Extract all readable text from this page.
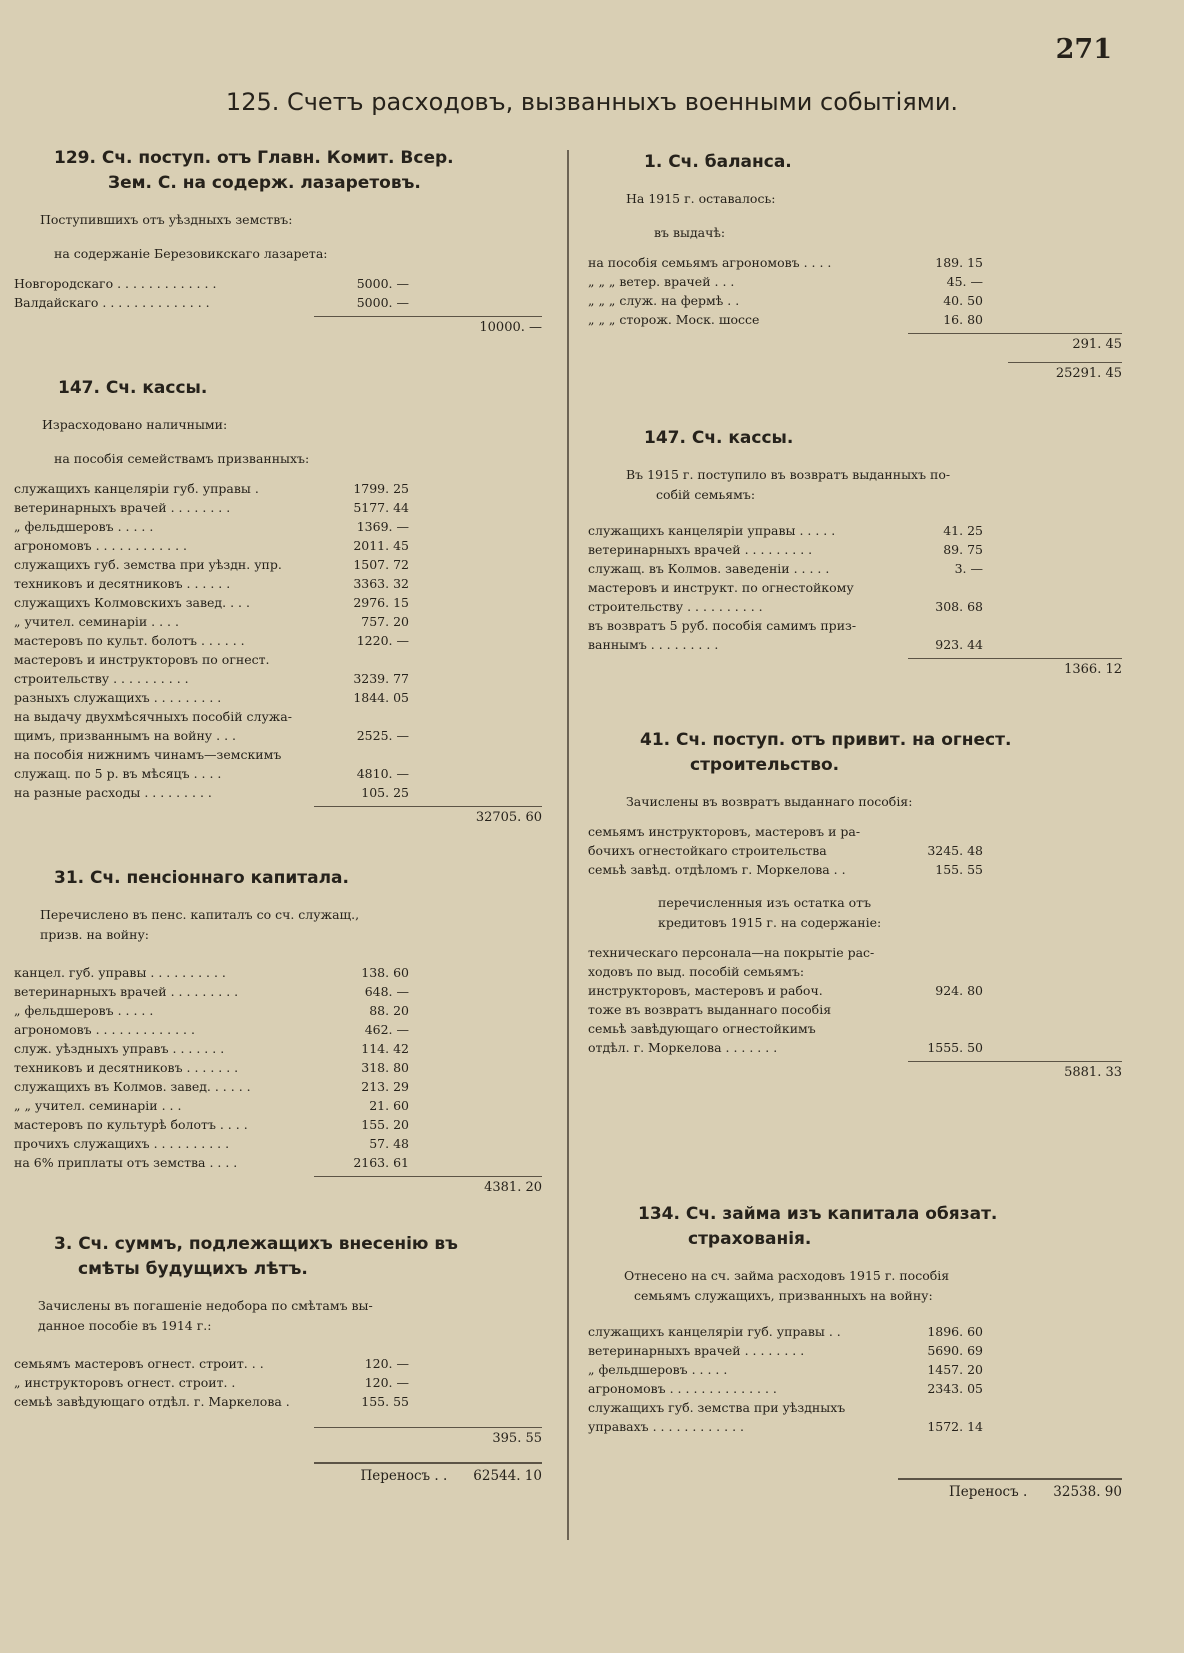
271
125. Счетъ расходовъ, вызванныхъ военными событiями.
129. Сч. поступ. отъ Главн. Комит. Всер.
Зем. С. на содерж. лазаретовъ.
Поступившихъ отъ уѣздныхъ земствъ:
на содержанiе Березовикскаго лазарета:
Новгородскаго . . . . . . . . . . . . .	5000. —
Валдайскаго . . . . . . . . . . . . . .	5000. —
10000. —
147. Сч. кассы.
Израсходовано наличными:
на пособiя семействамъ призванныхъ:
служащихъ канцелярiи губ. управы .	1799. 25
ветеринарныхъ врачей . . . . . . . .	5177. 44
„ фельдшеровъ . . . . .	1369. —
агрономовъ . . . . . . . . . . . .	2011. 45
служащихъ губ. земства при уѣздн. упр.	1507. 72
техниковъ и десятниковъ . . . . . .	3363. 32
служащихъ Колмовскихъ завед. . . .	2976. 15
„ учител. семинарiи . . . .	757. 20
мастеровъ по культ. болотъ . . . . . .	1220. —
мастеровъ и инструкторовъ по огнест.
строительству . . . . . . . . . .	3239. 77
разныхъ служащихъ . . . . . . . . .	1844. 05
на выдачу двухмѣсячныхъ пособiй служа-
щимъ, призваннымъ на войну . . .	2525. —
на пособiя нижнимъ чинамъ—земскимъ
служащ. по 5 р. въ мѣсяцъ . . . .	4810. —
на разные расходы . . . . . . . . .	105. 25
32705. 60
31. Сч. пенсiоннаго капитала.
Перечислено въ пенс. капиталъ со сч. служащ.,
призв. на войну:
канцел. губ. управы . . . . . . . . . .	138. 60
ветеринарныхъ врачей . . . . . . . . .	648. —
„ фельдшеровъ . . . . .	88. 20
агрономовъ . . . . . . . . . . . . .	462. —
служ. уѣздныхъ управъ . . . . . . .	114. 42
техниковъ и десятниковъ . . . . . . .	318. 80
служащихъ въ Колмов. завед. . . . . .	213. 29
„ „ учител. семинарiи . . .	21. 60
мастеровъ по культурѣ болотъ . . . .	155. 20
прочихъ служащихъ . . . . . . . . . .	57. 48
на 6% приплаты отъ земства . . . .	2163. 61
4381. 20
3. Сч. суммъ, подлежащихъ внесенiю въ
смѣты будущихъ лѣтъ.
Зачислены въ погашенiе недобора по смѣтамъ вы-
данное пособiе въ 1914 г.:
семьямъ мастеровъ огнест. строит. . .	120. —
„ инструкторовъ огнест. строит. .	120. —
семьѣ завѣдующаго отдѣл. г. Маркелова .	155. 55
395. 55
Переносъ . . 62544. 10
1. Сч. баланса.
На 1915 г. оставалось:
въ выдачѣ:
на пособiя семьямъ агрономовъ . . . .	189. 15
„ „ „ ветер. врачей . . .	45. —
„ „ „ служ. на фермѣ . .	40. 50
„ „ „ сторож. Моск. шоссе	16. 80
291. 45
25291. 45
147. Сч. кассы.
Въ 1915 г. поступило въ возвратъ выданныхъ по-
собiй семьямъ:
служащихъ канцелярiи управы . . . . .	41. 25
ветеринарныхъ врачей . . . . . . . . .	89. 75
служащ. въ Колмов. заведенiи . . . . .	3. —
мастеровъ и инструкт. по огнестойкому
строительству . . . . . . . . . .	308. 68
въ возвратъ 5 руб. пособiя самимъ приз-
ваннымъ . . . . . . . . .	923. 44
1366. 12
41. Сч. поступ. отъ привит. на огнест.
строительство.
Зачислены въ возвратъ выданнаго пособiя:
семьямъ инструкторовъ, мастеровъ и ра-
бочихъ огнестойкаго строительства	3245. 48
семьѣ завѣд. отдѣломъ г. Моркелова . .	155. 55
перечисленныя изъ остатка отъ
кредитовъ 1915 г. на содержанiе:
техническаго персонала—на покрытiе рас-
ходовъ по выд. пособiй семьямъ:
инструкторовъ, мастеровъ и рабоч.	924. 80
тоже въ возвратъ выданнаго пособiя
семьѣ завѣдующаго огнестойкимъ
отдѣл. г. Моркелова . . . . . . .	1555. 50
5881. 33
134. Сч. займа изъ капитала обязат.
страхованiя.
Отнесено на сч. займа расходовъ 1915 г. пособiя
семьямъ служащихъ, призванныхъ на войну:
служащихъ канцелярiи губ. управы . .	1896. 60
ветеринарныхъ врачей . . . . . . . .	5690. 69
„ фельдшеровъ . . . . .	1457. 20
агрономовъ . . . . . . . . . . . . . .	2343. 05
служащихъ губ. земства при уѣздныхъ
управахъ . . . . . . . . . . . .	1572. 14
Переносъ . 32538. 90
